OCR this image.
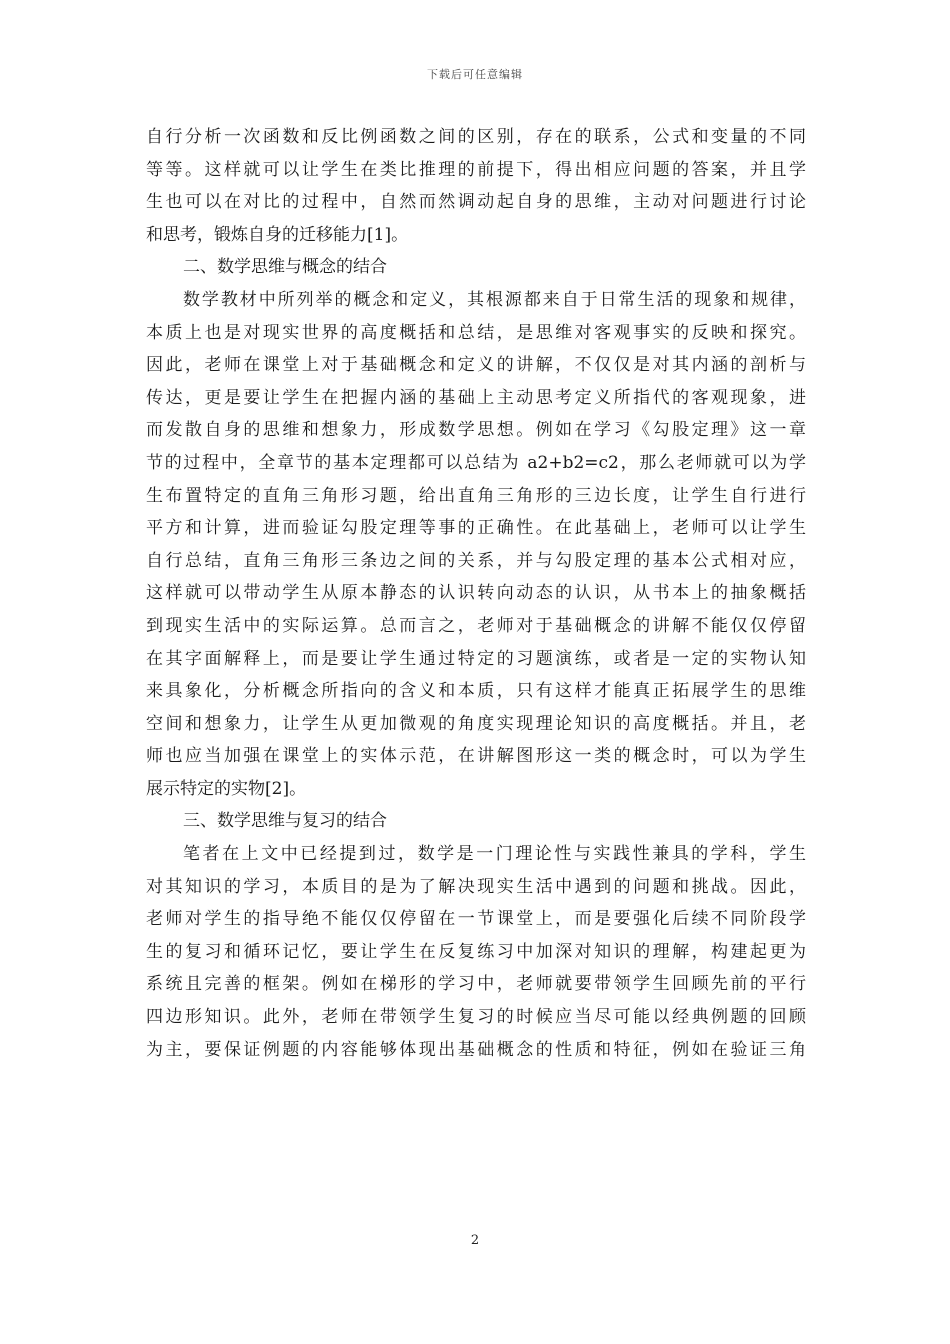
下载后可任意编辑
自行分析一次函数和反比例函数之间的区别，存在的联系，公式和变量的不同
等等。这样就可以让学生在类比推理的前提下，得出相应问题的答案，并且学
生也可以在对比的过程中，自然而然调动起自身的思维，主动对问题进行讨论
和思考，锻炼自身的迁移能力[1]。
二、数学思维与概念的结合
数学教材中所列举的概念和定义，其根源都来自于日常生活的现象和规律，
本质上也是对现实世界的高度概括和总结，是思维对客观事实的反映和探究。
因此，老师在课堂上对于基础概念和定义的讲解，不仅仅是对其内涵的剖析与
传达，更是要让学生在把握内涵的基础上主动思考定义所指代的客观现象，进
而发散自身的思维和想象力，形成数学思想。例如在学习《勾股定理》这一章
节的过程中，全章节的基本定理都可以总结为 a2+b2=c2，那么老师就可以为学
生布置特定的直角三角形习题，给出直角三角形的三边长度，让学生自行进行
平方和计算，进而验证勾股定理等事的正确性。在此基础上，老师可以让学生
自行总结，直角三角形三条边之间的关系，并与勾股定理的基本公式相对应，
这样就可以带动学生从原本静态的认识转向动态的认识，从书本上的抽象概括
到现实生活中的实际运算。总而言之，老师对于基础概念的讲解不能仅仅停留
在其字面解释上，而是要让学生通过特定的习题演练，或者是一定的实物认知
来具象化，分析概念所指向的含义和本质，只有这样才能真正拓展学生的思维
空间和想象力，让学生从更加微观的角度实现理论知识的高度概括。并且，老
师也应当加强在课堂上的实体示范，在讲解图形这一类的概念时，可以为学生
展示特定的实物[2]。
三、数学思维与复习的结合
笔者在上文中已经提到过，数学是一门理论性与实践性兼具的学科，学生
对其知识的学习，本质目的是为了解决现实生活中遇到的问题和挑战。因此，
老师对学生的指导绝不能仅仅停留在一节课堂上，而是要强化后续不同阶段学
生的复习和循环记忆，要让学生在反复练习中加深对知识的理解，构建起更为
系统且完善的框架。例如在梯形的学习中，老师就要带领学生回顾先前的平行
四边形知识。此外，老师在带领学生复习的时候应当尽可能以经典例题的回顾
为主，要保证例题的内容能够体现出基础概念的性质和特征，例如在验证三角
2
